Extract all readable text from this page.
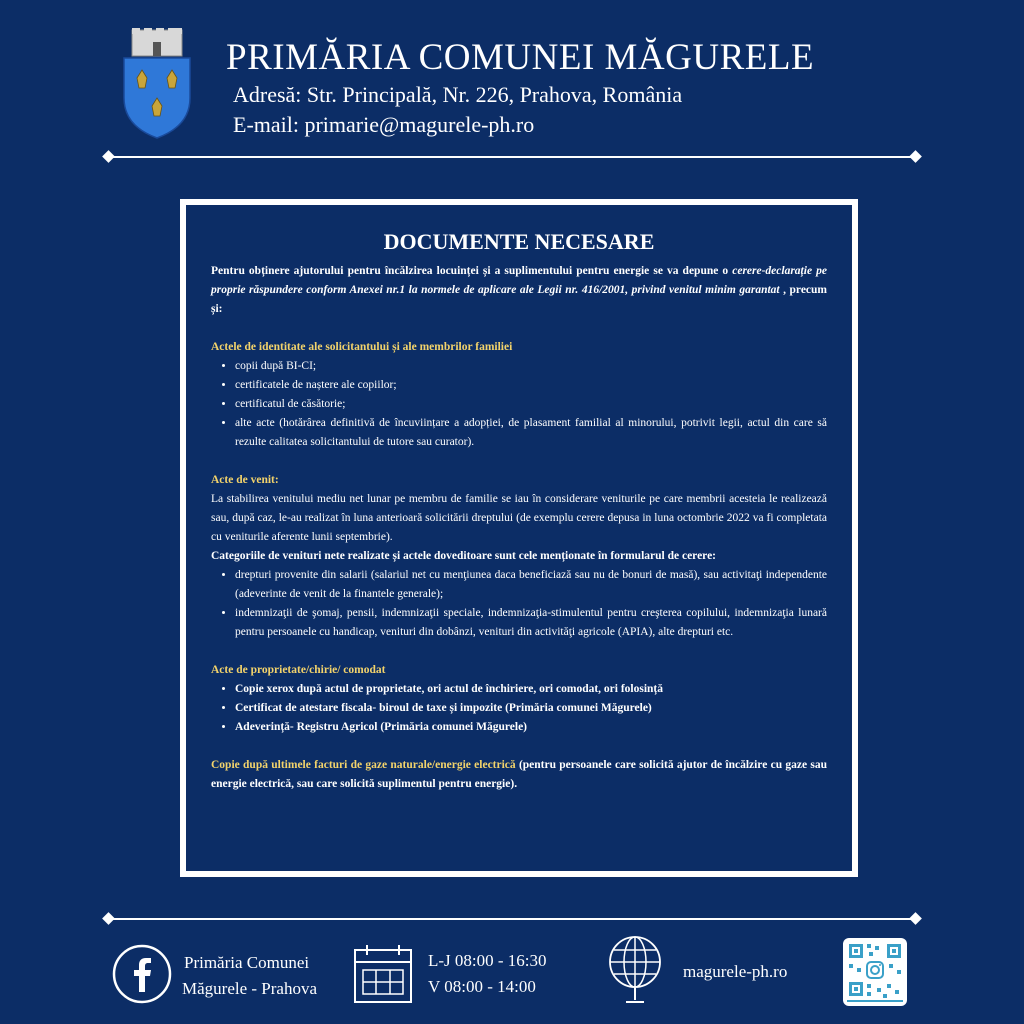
PRIMĂRIA COMUNEI MĂGURELE
Adresă: Str. Principală, Nr. 226, Prahova, România
E-mail: primarie@magurele-ph.ro
DOCUMENTE NECESARE

Pentru obținere ajutorului pentru încălzirea locuinței și a suplimentului pentru energie se va depune o cerere-declarație pe proprie răspundere conform Anexei nr.1 la normele de aplicare ale Legii nr. 416/2001, privind venitul minim garantat , precum și:

Actele de identitate ale solicitantului și ale membrilor familiei
• copii după BI-CI;
• certificatele de naștere ale copiilor;
• certificatul de căsătorie;
• alte acte (hotărârea definitivă de încuviințare a adopției, de plasament familial al minorului, potrivit legii, actul din care să rezulte calitatea solicitantului de tutore sau curator).
Acte de venit:

La stabilirea venitului mediu net lunar pe membru de familie se iau în considerare veniturile pe care membrii acesteia le realizează sau, după caz, le-au realizat în luna anterioară solicitării dreptului (de exemplu cerere depusa in luna octombrie 2022 va fi completata cu veniturile aferente lunii septembrie).

Categoriile de venituri nete realizate și actele doveditoare sunt cele menționate în formularul de cerere:

• drepturi provenite din salarii (salariul net cu menţiunea daca beneficiază sau nu de bonuri de masă), sau activitaţi independente (adeverinte de venit de la finantele generale);
• indemnizaţii de şomaj, pensii, indemnizaţii speciale, indemnizaţia-stimulentul pentru creşterea copilului, indemnizaţia lunară pentru persoanele cu handicap, venituri din dobânzi, venituri din activităţi agricole (APIA), alte drepturi etc.
Acte de proprietate/chirie/ comodat
• Copie xerox după actul de proprietate, ori actul de închiriere, ori comodat, ori folosință
• Certificat de atestare fiscala- biroul de taxe și impozite (Primăria comunei Măgurele)
• Adeverință- Registru Agricol (Primăria comunei Măgurele)

Copie după ultimele facturi de gaze naturale/energie electrică (pentru persoanele care solicită ajutor de încălzire cu gaze sau energie electrică, sau care solicită suplimentul pentru energie).

Primăria Comunei
Măgurele - Prahova
L-J 08:00 - 16:30
V 08:00 - 14:00
magurele-ph.ro
